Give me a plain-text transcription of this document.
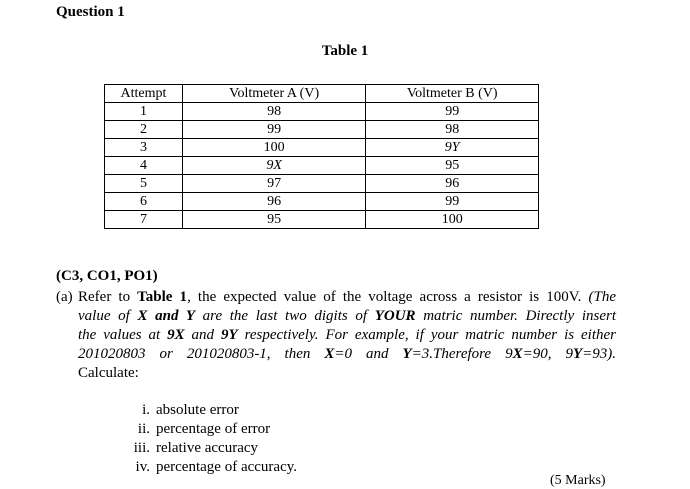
Question 1
Table 1
Attempt	Voltmeter A (V)	Voltmeter B (V)
1	98	99
2	99	98
3	100	9Y
4	9X	95
5	97	96
6	96	99
7	95	100
(C3, CO1, PO1)
(a) Refer to Table 1, the expected value of the voltage across a resistor is 100V. (The
value of X and Y are the last two digits of YOUR matric number. Directly insert
the values at 9X and 9Y respectively. For example, if your matric number is either
201020803 or 201020803-1, then X=0 and Y=3.Therefore 9X=90, 9Y=93).
Calculate:
i. absolute error
ii. percentage of error
iii. relative accuracy
iv. percentage of accuracy.
(5 Marks)
